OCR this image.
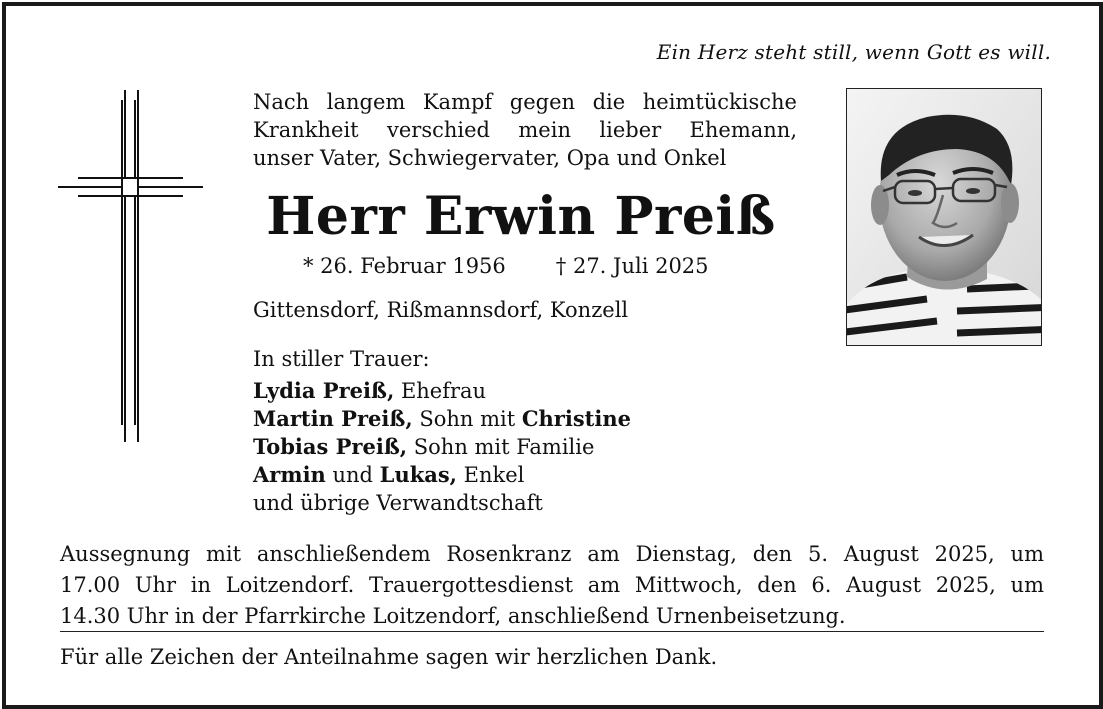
Ein Herz steht still, wenn Gott es will.
Nach langem Kampf gegen die heimtückische
Krankheit verschied mein lieber Ehemann,
unser Vater, Schwiegervater, Opa und Onkel
Herr Erwin Preiß
* 26. Februar 1956 † 27. Juli 2025
Gittensdorf, Rißmannsdorf, Konzell
In stiller Trauer:
Lydia Preiß, Ehefrau
Martin Preiß, Sohn mit Christine
Tobias Preiß, Sohn mit Familie
Armin und Lukas, Enkel
und übrige Verwandtschaft
Aussegnung mit anschließendem Rosenkranz am Dienstag, den 5. August 2025, um
17.00 Uhr in Loitzendorf. Trauergottesdienst am Mittwoch, den 6. August 2025, um
14.30 Uhr in der Pfarrkirche Loitzendorf, anschließend Urnenbeisetzung.
Für alle Zeichen der Anteilnahme sagen wir herzlichen Dank.
